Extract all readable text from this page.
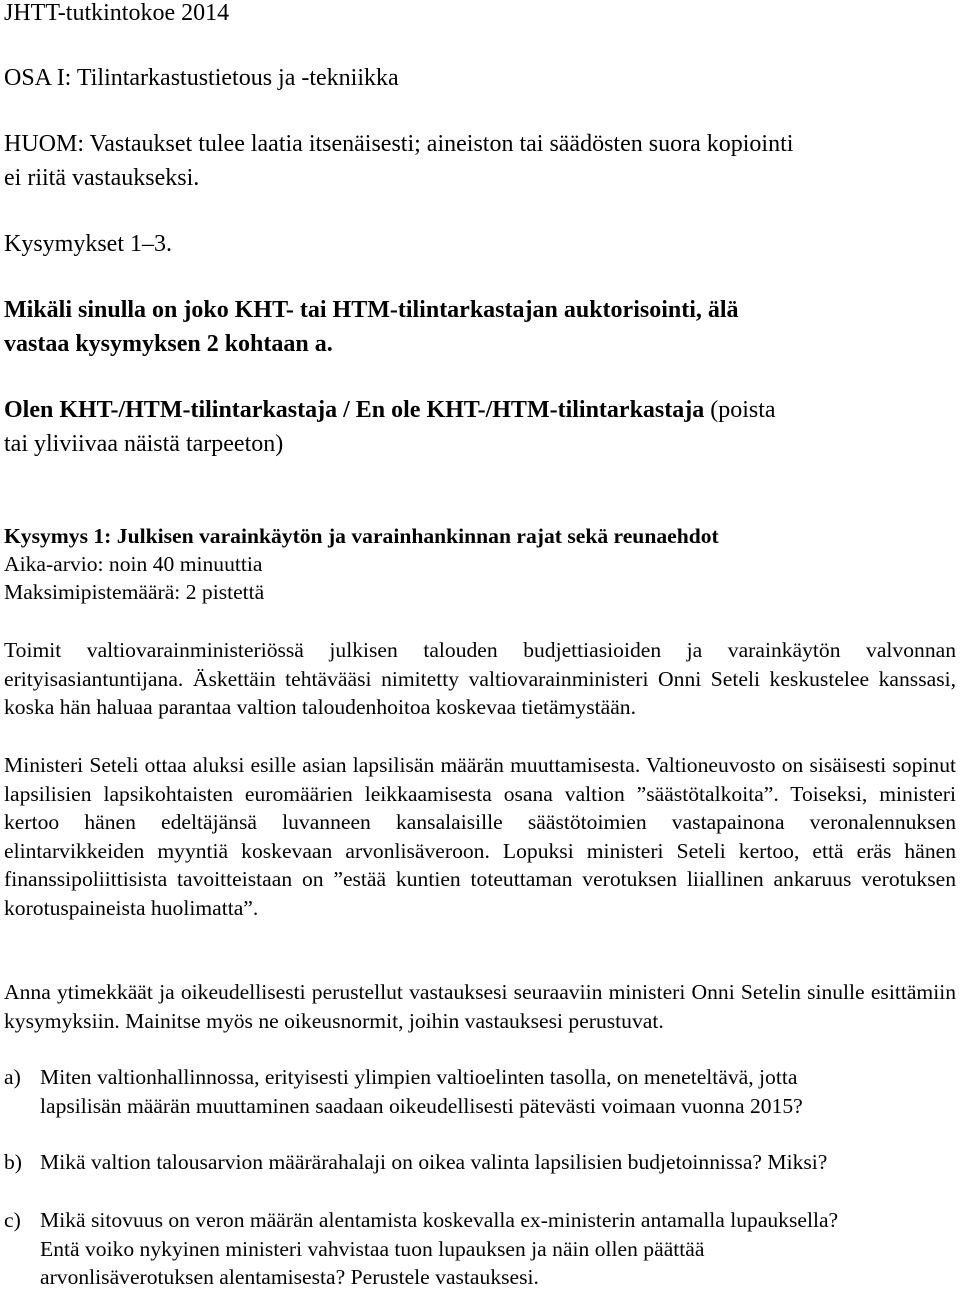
JHTT-tutkintokoe 2014
OSA I: Tilintarkastustietous ja -tekniikka
HUOM: Vastaukset tulee laatia itsenäisesti; aineiston tai säädösten suora kopiointi
ei riitä vastaukseksi.
Kysymykset 1–3.
Mikäli sinulla on joko KHT- tai HTM-tilintarkastajan auktorisointi, älä
vastaa kysymyksen 2 kohtaan a.
Olen KHT-/HTM-tilintarkastaja / En ole KHT-/HTM-tilintarkastaja (poista
tai yliviivaa näistä tarpeeton)
Kysymys 1: Julkisen varainkäytön ja varainhankinnan rajat sekä reunaehdot
Aika-arvio: noin 40 minuuttia
Maksimipistemäärä: 2 pistettä
Toimit valtiovarainministeriössä julkisen talouden budjettiasioiden ja varainkäytön valvonnan erityisasiantuntijana. Äskettäin tehtävääsi nimitetty valtiovarainministeri Onni Seteli keskustelee kanssasi, koska hän haluaa parantaa valtion taloudenhoitoa koskevaa tietämystään.
Ministeri Seteli ottaa aluksi esille asian lapsilisän määrän muuttamisesta. Valtioneuvosto on sisäisesti sopinut lapsilisien lapsikohtaisten euromäärien leikkaamisesta osana valtion ”säästötalkoita”. Toiseksi, ministeri kertoo hänen edeltäjänsä luvanneen kansalaisille säästötoimien vastapainona veronalennuksen elintarvikkeiden myyntiä koskevaan arvonlisäveroon. Lopuksi ministeri Seteli kertoo, että eräs hänen finanssipoliittisista tavoitteistaan on ”estää kuntien toteuttaman verotuksen liiallinen ankaruus verotuksen korotuspaineista huolimatta”.
Anna ytimekkäät ja oikeudellisesti perustellut vastauksesi seuraaviin ministeri Onni Setelin sinulle esittämiin kysymyksiin. Mainitse myös ne oikeusnormit, joihin vastauksesi perustuvat.
a) Miten valtionhallinnossa, erityisesti ylimpien valtioelinten tasolla, on meneteltävä, jotta
lapsilisän määrän muuttaminen saadaan oikeudellisesti pätevästi voimaan vuonna 2015?
b) Mikä valtion talousarvion määrärahalaji on oikea valinta lapsilisien budjetoinnissa? Miksi?
c) Mikä sitovuus on veron määrän alentamista koskevalla ex-ministerin antamalla lupauksella?
Entä voiko nykyinen ministeri vahvistaa tuon lupauksen ja näin ollen päättää
arvonlisäverotuksen alentamisesta? Perustele vastauksesi.
